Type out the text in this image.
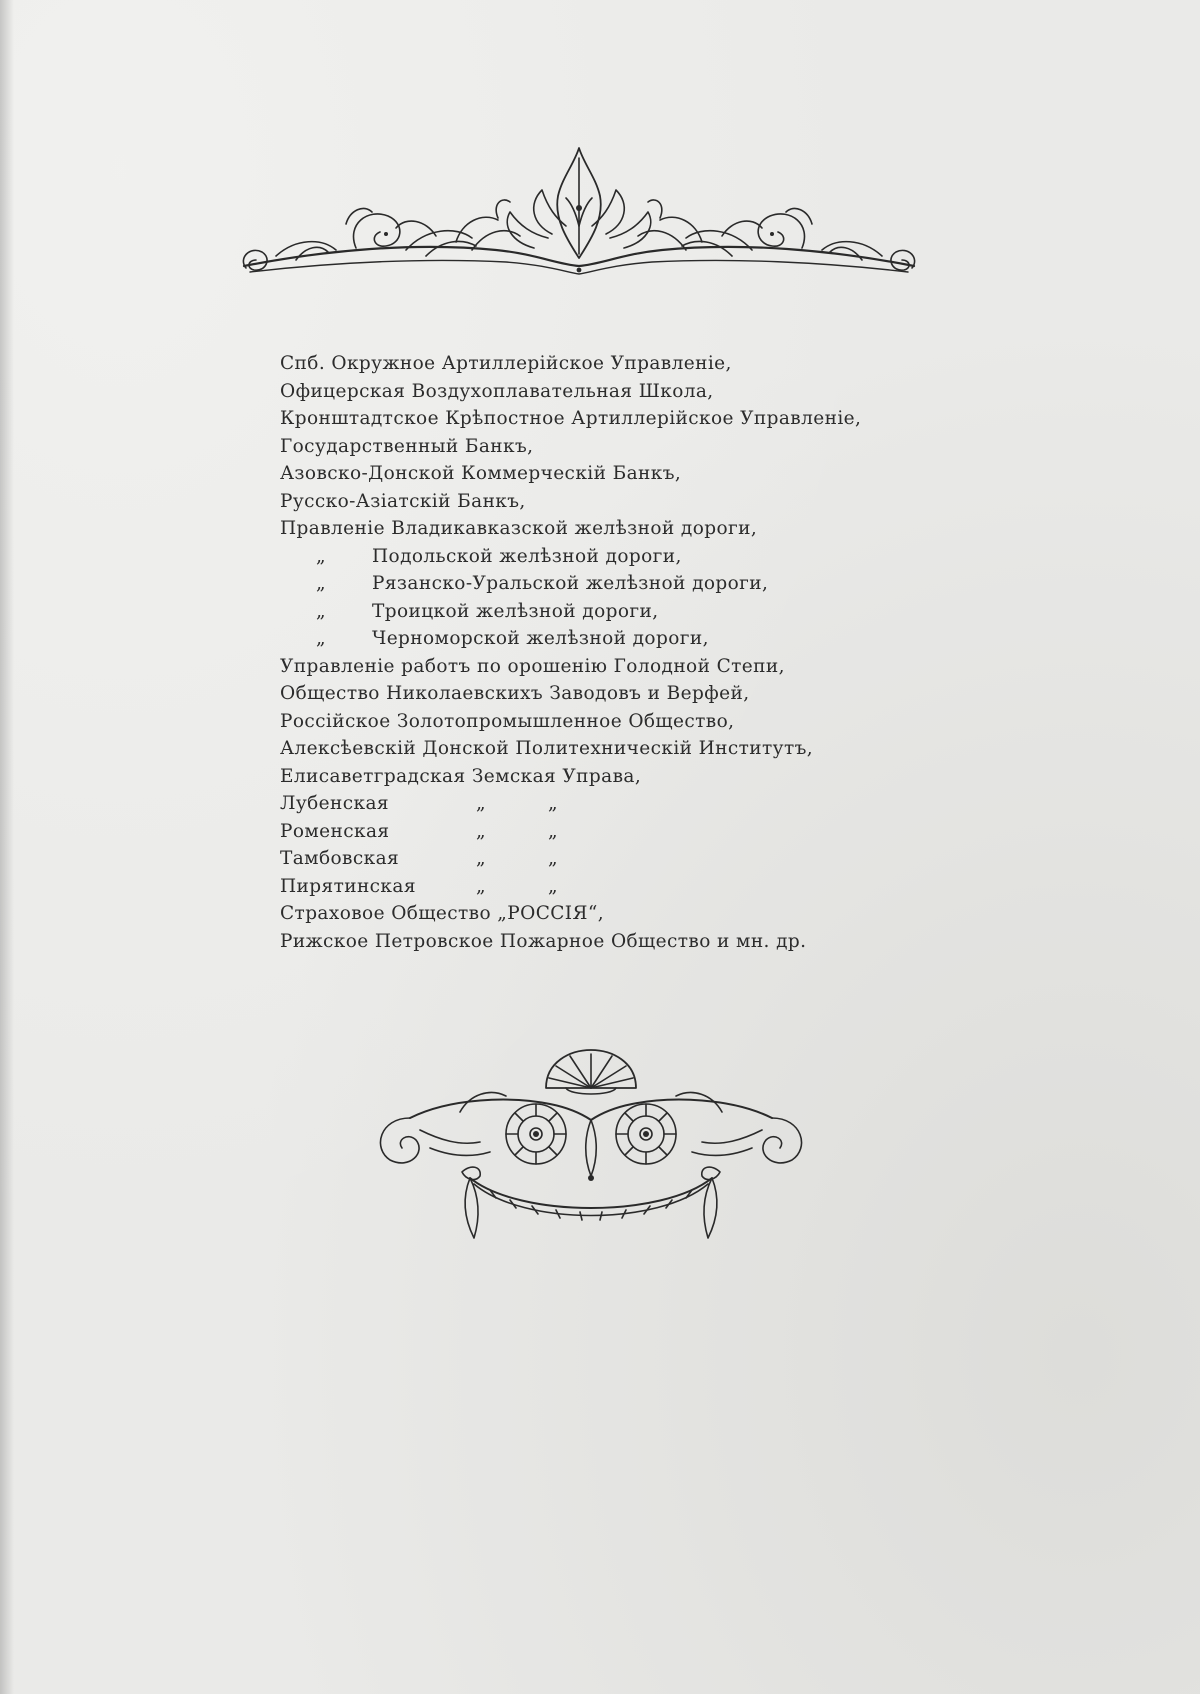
Спб. Окружное Артиллерійское Управленіе,
Офицерская Воздухоплавательная Школа,
Кронштадтское Крѣпостное Артиллерійское Управленіе,
Государственный Банкъ,
Азовско-Донской Коммерческій Банкъ,
Русско-Азіатскій Банкъ,
Правленіе Владикавказской желѣзной дороги,
„ Подольской желѣзной дороги,
„ Рязанско-Уральской желѣзной дороги,
„ Троицкой желѣзной дороги,
„ Черноморской желѣзной дороги,
Управленіе работъ по орошенію Голодной Степи,
Общество Николаевскихъ Заводовъ и Верфей,
Россійское Золотопромышленное Общество,
Алексѣевскій Донской Политехническій Институтъ,
Елисаветградская Земская Управа,
Лубенская	„	„
Роменская	„	„
Тамбовская	„	„
Пирятинская	„	„
Страховое Общество „РОССІЯ“,
Рижское Петровское Пожарное Общество и мн. др.
